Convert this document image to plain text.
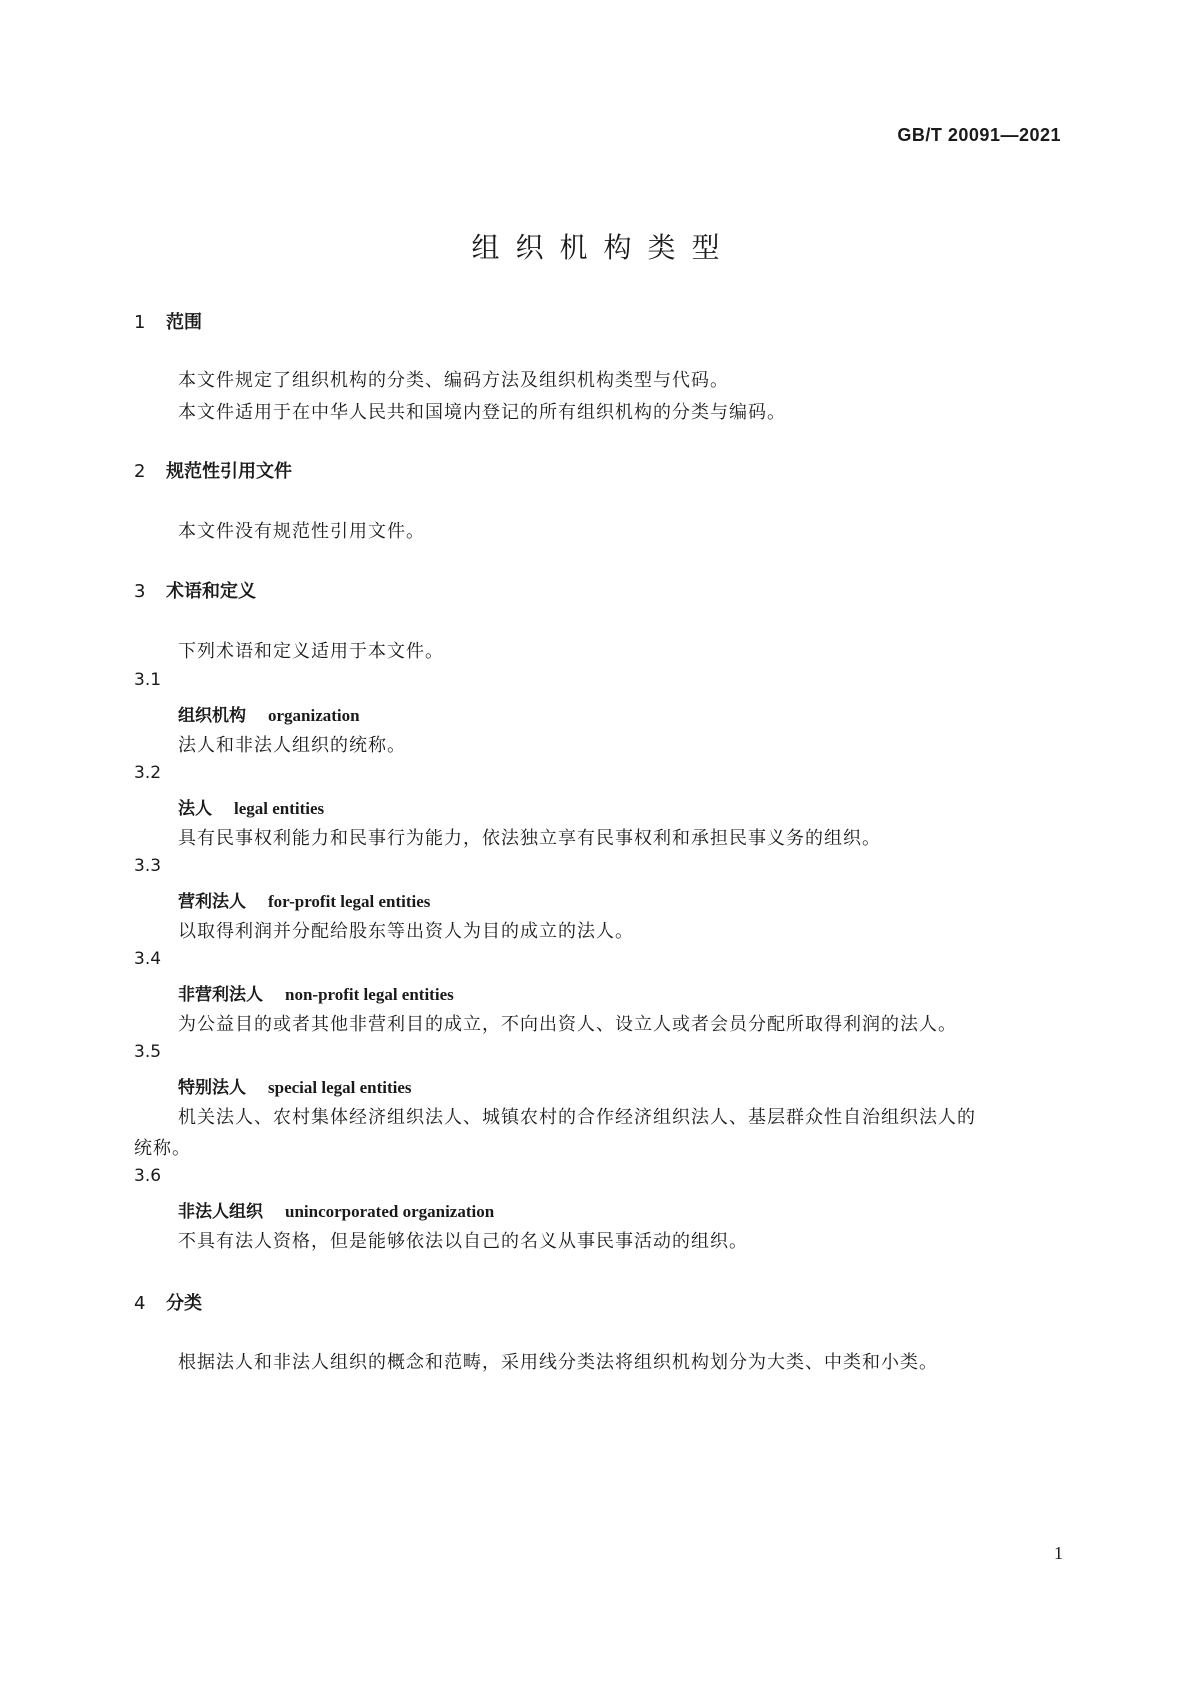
GB/T 20091—2021
组织机构类型
1 范围
本文件规定了组织机构的分类、编码方法及组织机构类型与代码。
本文件适用于在中华人民共和国境内登记的所有组织机构的分类与编码。
2 规范性引用文件
本文件没有规范性引用文件。
3 术语和定义
下列术语和定义适用于本文件。
3.1
组织机构 organization
法人和非法人组织的统称。
3.2
法人 legal entities
具有民事权利能力和民事行为能力，依法独立享有民事权利和承担民事义务的组织。
3.3
营利法人 for-profit legal entities
以取得利润并分配给股东等出资人为目的成立的法人。
3.4
非营利法人 non-profit legal entities
为公益目的或者其他非营利目的成立，不向出资人、设立人或者会员分配所取得利润的法人。
3.5
特别法人 special legal entities
机关法人、农村集体经济组织法人、城镇农村的合作经济组织法人、基层群众性自治组织法人的
统称。
3.6
非法人组织 unincorporated organization
不具有法人资格，但是能够依法以自己的名义从事民事活动的组织。
4 分类
根据法人和非法人组织的概念和范畴，采用线分类法将组织机构划分为大类、中类和小类。
1
